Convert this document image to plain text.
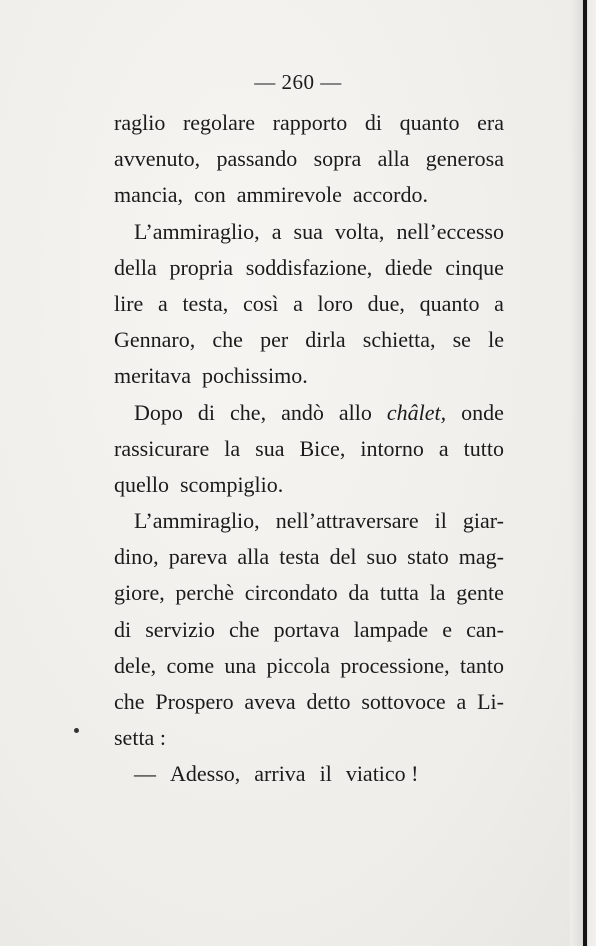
— 260 —
raglio regolare rapporto di quanto era
avvenuto, passando sopra alla generosa
mancia, con ammirevole accordo.
L’ammiraglio, a sua volta, nell’eccesso
della propria soddisfazione, diede cinque
lire a testa, così a loro due, quanto a
Gennaro, che per dirla schietta, se le
meritava pochissimo.
Dopo di che, andò allo châlet, onde
rassicurare la sua Bice, intorno a tutto
quello scompiglio.
L’ammiraglio, nell’attraversare il giar-
dino, pareva alla testa del suo stato mag-
giore, perchè circondato da tutta la gente
di servizio che portava lampade e can-
dele, come una piccola processione, tanto
che Prospero aveva detto sottovoce a Li-
setta :
— Adesso, arriva il viatico !
